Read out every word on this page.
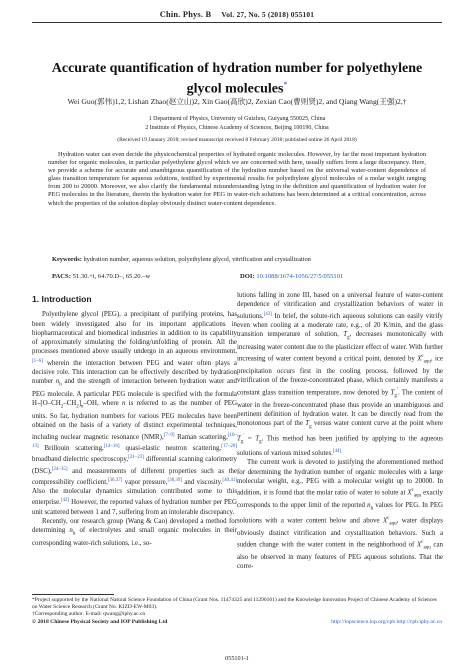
Chin. Phys. B Vol. 27, No. 5 (2018) 055101
Accurate quantification of hydration number for polyethylene glycol molecules*
Wei Guo(郭伟)1,2, Lishan Zhao(赵立山)2, Xin Gao(高欣)2, Zexian Cao(曹则贤)2, and Qiang Wang(王强)2,†
1 Department of Physics, University of Guizhou, Guiyang 550025, China
2 Institute of Physics, Chinese Academy of Sciences, Beijing 100190, China
(Received 19 January 2018; revised manuscript received 8 February 2018; published online 26 April 2018)
Hydration water can even decide the physicochemical properties of hydrated organic molecules. However, by far the most important hydration number for organic molecules, in particular polyethylene glycol which we are concerned with here, usually suffers from a large discrepancy. Here, we provide a scheme for accurate and unambiguous quantification of the hydration number based on the universal water-content dependence of glass transition temperature for aqueous solutions, testified by experimental results for polyethylene glycol molecules of a molar weight ranging from 200 to 20000. Moreover, we also clarify the fundamental misunderstanding lying in the definition and quantification of hydration water for PEG molecules in the literature, therein the hydration water for PEG in water-rich solutions has been determined at a critical concentration, across which the properties of the solution display obviously distinct water-content dependence.
Keywords: hydration number, aqueous solution, polyethylene glycol, vitrification and crystallization
PACS: 51.30.+i, 64.70.D–, 65.20.–w	DOI: 10.1088/1674-1056/27/5/055101
1. Introduction

Polyethylene glycol (PEG), a precipitant of purifying proteins, has been widely investigated also for its important applications in biopharmaceutical and biomedical industries in addition to its capability of approximately simulating the folding/unfolding of protein. All the processes mentioned above usually undergo in an aqueous environment,[1–6] wherein the interaction between PEG and water often plays a decisive role. This interaction can be effectively described by hydration number $n_h$ and the strength of interaction between hydration water and PEG molecule. A particular PEG molecule is specified with the formula $H-[O-CH_2-CH_2]_n-OH$, where n is referred to as the number of PEG units. So far, hydration numbers for various PEG molecules have been obtained on the basis of a variety of distinct experimental techniques, including nuclear magnetic resonance (NMR),[7–9] Raman scattering,[10–13] Brillouin scattering,[14–16] quasi-elastic neutron scattering,[17–20] broadband dielectric spectroscopy,[21–23] differential scanning calorimetry (DSC),[24–35] and measurements of different properties such as the compressibility coefficient,[36,37] vapor pressure,[38,39] and viscosity.[40,41] Also the molecular dynamics simulation contributed some to this enterprise.[42] However, the reported values of hydration number per PEG unit scattered between 1 and 7, suffering from an intolerable discrepancy.

Recently, our research group (Wang & Cao) developed a method for determining $n_h$ of electrolytes and small organic molecules in their corresponding water-rich solutions, i.e., so-

lutions falling in zone III, based on a universal feature of water-content dependence of vitrification and crystallization behaviors of water in solutions.[43] In brief, the solute-rich aqueous solutions can easily vitrify even when cooling at a moderate rate, e.g., of 20 K/min, and the glass transition temperature of solution, $T_g$, decreases monotonically with increasing water content due to the plasticizer effect of water. With further increasing of water content beyond a critical point, denoted by $X^c_{aqu}$, ice precipitation occurs first in the cooling process, followed by the vitrification of the freeze-concentrated phase, which certainly manifests a constant glass transition temperature, now denoted by $T_g'$. The content of water in the freeze-concentrated phase thus provide an unambiguous and pertinent definition of hydration water. It can be directly read from the monotonous part of the $T_g$ versus water content curve at the point where $T_g' = T_g$. This method has been justified by applying to the aqueous solutions of various mixed solutes.[44]

The current work is devoted to justifying the aforementioned method for determining the hydration number of organic molecules with a large molecular weight, e.g., PEG with a molecular weight up to 20000. In addition, it is found that the molar ratio of water to solute at $X^c_{aqu}$ exactly corresponds to the upper limit of the reported $n_h$ values for PEG. In PEG solutions with a water content below and above $X^c_{aqu}$, water displays obviously distinct vitrification and crystallization behaviors. Such a sudden change with the water content in the neighborhood of $X^c_{aqu}$ can also be observed in many features of PEG aqueous solutions. That the corre-

*Project supported by the National Natural Science Foundation of China (Grant Nos. 11474325 and 11290161) and the Knowledge Innovation Project of Chinese Academy of Sciences on Water Science Research (Grant No. KJZD-EW-M03).

†Corresponding author. E-mail: qwang@iphy.ac.cn

© 2018 Chinese Physical Society and IOP Publishing Ltd	http://iopscience.iop.org/cpb http://cpb.iphy.ac.cn
055101-1
